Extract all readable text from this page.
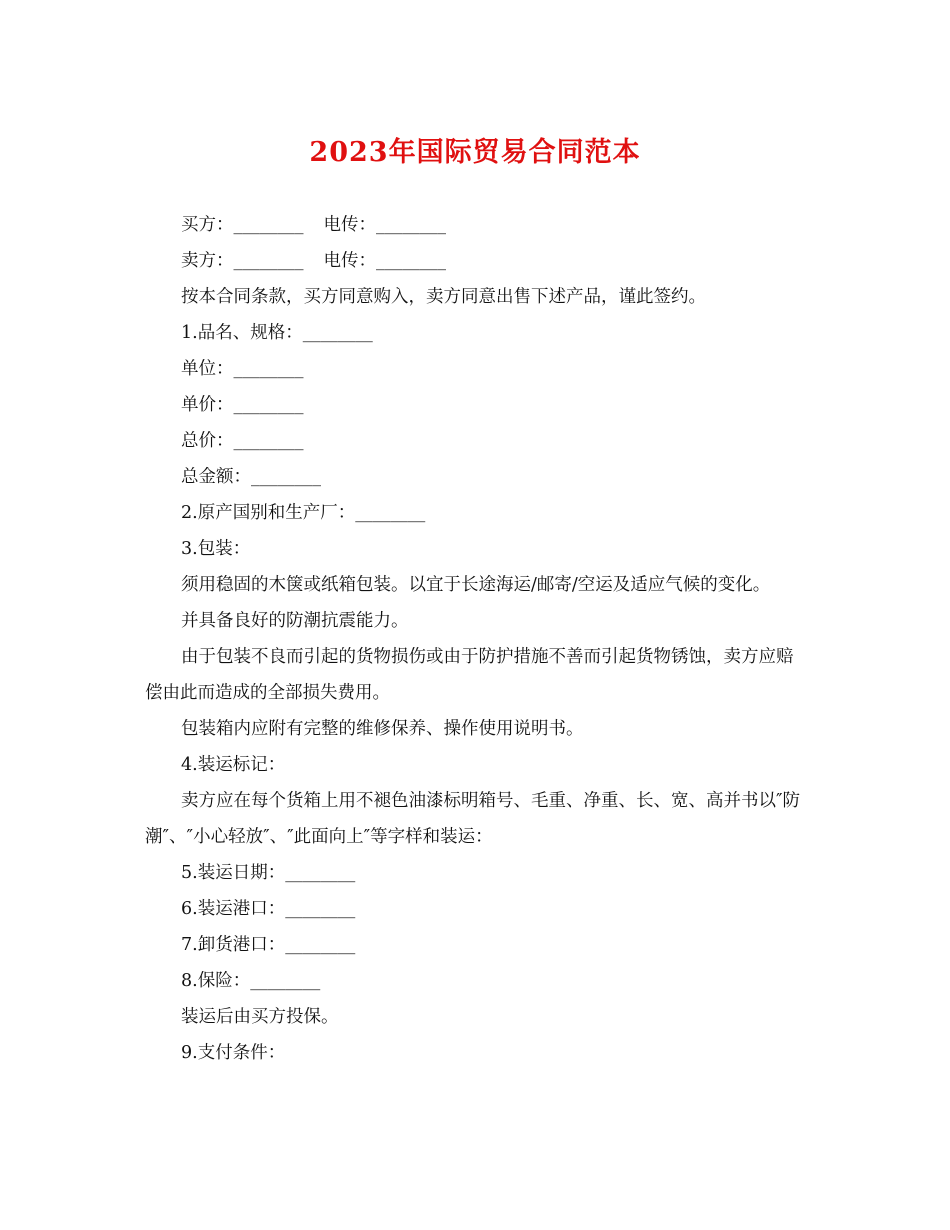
2023年国际贸易合同范本

买方：________ 电传：________

卖方：________ 电传：________

按本合同条款，买方同意购入，卖方同意出售下述产品，谨此签约。

1.品名、规格：________

单位：________

单价：________

总价：________

总金额：________

2.原产国别和生产厂：________

3.包装：

须用稳固的木箧或纸箱包装。以宜于长途海运/邮寄/空运及适应气候的变化。

并具备良好的防潮抗震能力。

由于包装不良而引起的货物损伤或由于防护措施不善而引起货物锈蚀，卖方应赔偿由此而造成的全部损失费用。

包装箱内应附有完整的维修保养、操作使用说明书。

4.装运标记：

卖方应在每个货箱上用不褪色油漆标明箱号、毛重、净重、长、宽、高并书以″防潮″、″小心轻放″、″此面向上″等字样和装运：

5.装运日期：________

6.装运港口：________

7.卸货港口：________

8.保险：________

装运后由买方投保。

9.支付条件：
